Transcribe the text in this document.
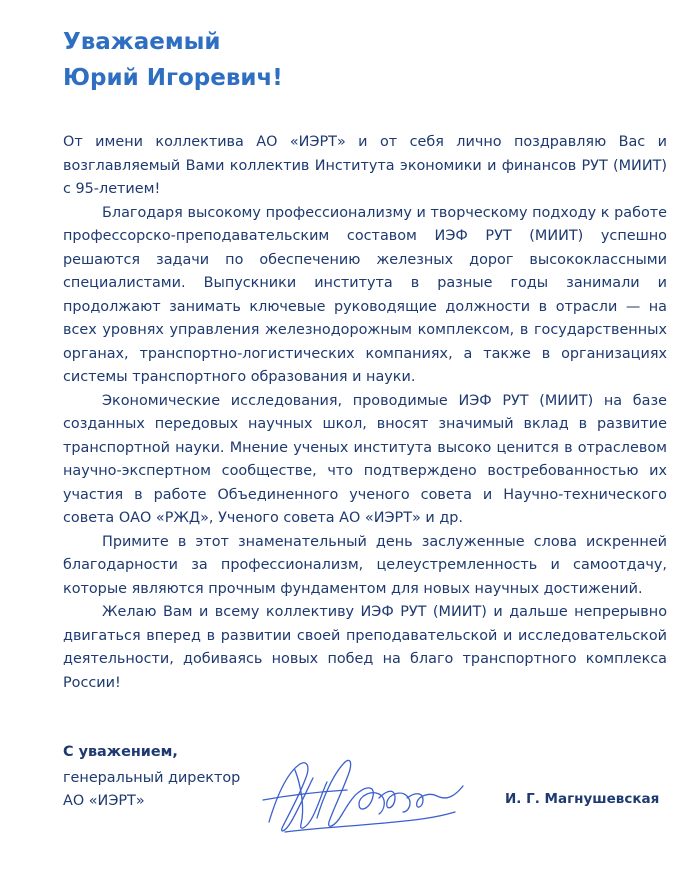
Уважаемый
Юрий Игоревич!

От имени коллектива АО «ИЭРТ» и от себя лично поздравляю Вас и возглавляемый Вами коллектив Института экономики и финансов РУТ (МИИТ) с 95-летием!

Благодаря высокому профессионализму и творческому подходу к работе профессорско-преподавательским составом ИЭФ РУТ (МИИТ) успешно решаются задачи по обеспечению железных дорог высококлассными специалистами. Выпускники института в разные годы занимали и продолжают занимать ключевые руководящие должности в отрасли — на всех уровнях управления железнодорожным комплексом, в государственных органах, транспортно-логистических компаниях, а также в организациях системы транспортного образования и науки.

Экономические исследования, проводимые ИЭФ РУТ (МИИТ) на базе созданных передовых научных школ, вносят значимый вклад в развитие транспортной науки. Мнение ученых института высоко ценится в отраслевом научно-экспертном сообществе, что подтверждено востребованностью их участия в работе Объединенного ученого совета и Научно-технического совета ОАО «РЖД», Ученого совета АО «ИЭРТ» и др.

Примите в этот знаменательный день заслуженные слова искренней благодарности за профессионализм, целеустремленность и самоотдачу, которые являются прочным фундаментом для новых научных достижений.

Желаю Вам и всему коллективу ИЭФ РУТ (МИИТ) и дальше непрерывно двигаться вперед в развитии своей преподавательской и исследовательской деятельности, добиваясь новых побед на благо транспортного комплекса России!

С уважением,
генеральный директор
АО «ИЭРТ»	И. Г. Магнушевская
